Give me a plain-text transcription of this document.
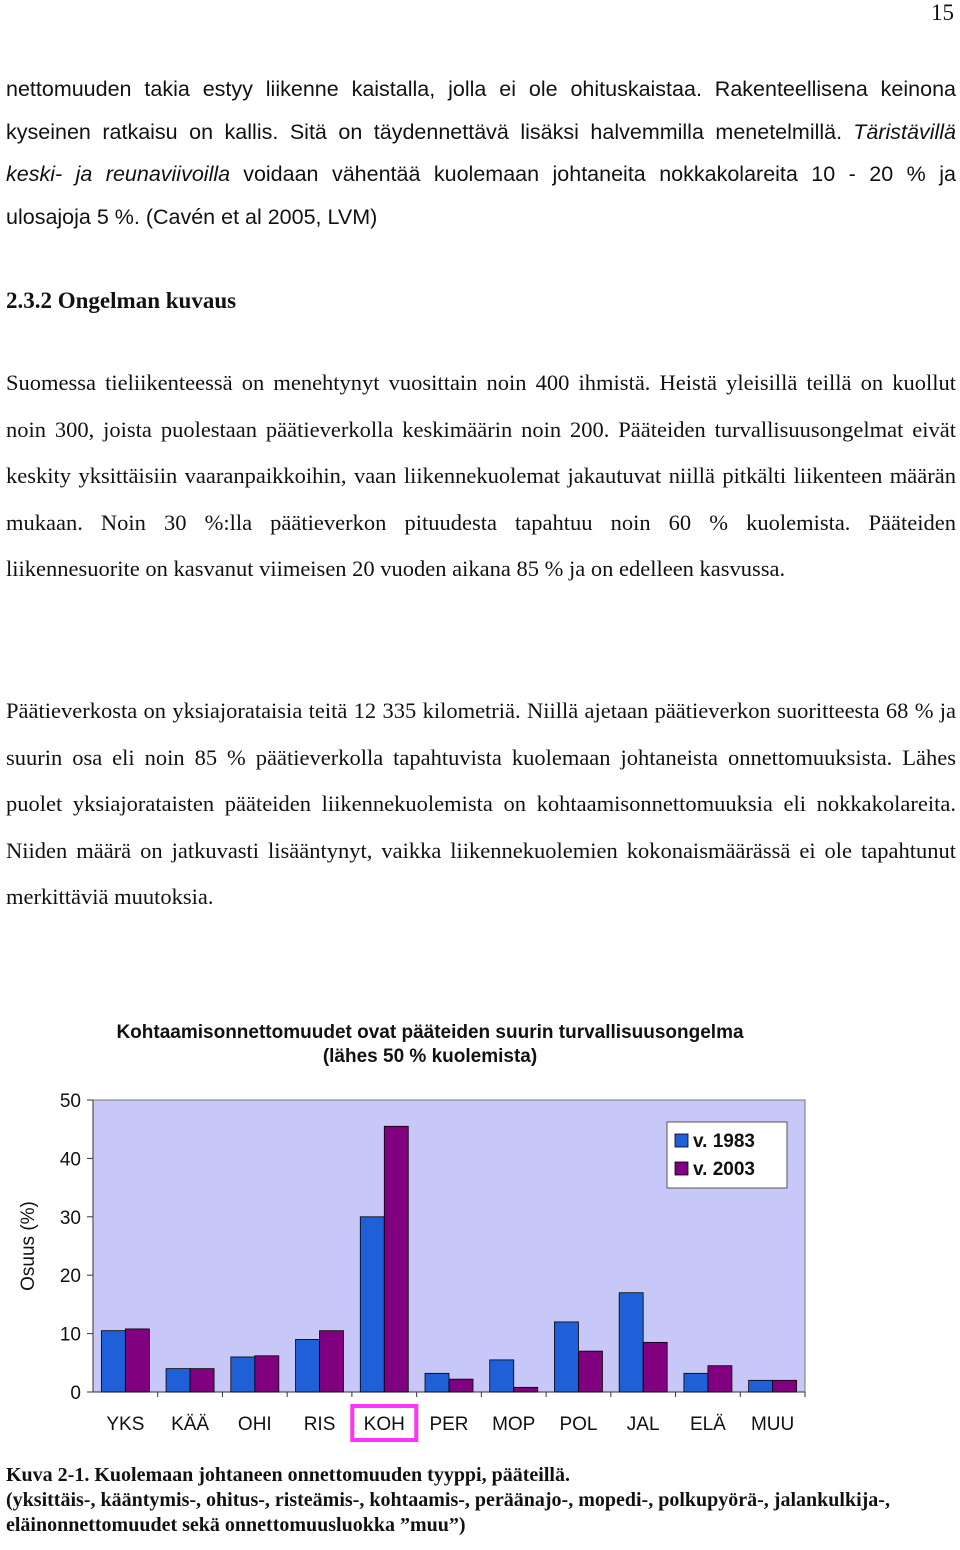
15

nettomuuden takia estyy liikenne kaistalla, jolla ei ole ohituskaistaa. Rakenteellisena keinona kyseinen ratkaisu on kallis. Sitä on täydennettävä lisäksi halvemmilla menetelmillä. Täristävillä keski- ja reunaviivoilla voidaan vähentää kuolemaan johtaneita nokkakolareita 10 - 20 % ja ulosajoja 5 %. (Cavén et al 2005, LVM)

2.3.2 Ongelman kuvaus

Suomessa tieliikenteessä on menehtynyt vuosittain noin 400 ihmistä. Heistä yleisillä teillä on kuollut noin 300, joista puolestaan päätieverkolla keskimäärin noin 200. Pääteiden turvallisuusongelmat eivät keskity yksittäisiin vaaranpaikkoihin, vaan liikennekuolemat jakautuvat niillä pitkälti liikenteen määrän mukaan. Noin 30 %:lla päätieverkon pituudesta tapahtuu noin 60 % kuolemista. Pääteiden liikennesuorite on kasvanut viimeisen 20 vuoden aikana 85 % ja on edelleen kasvussa.

Päätieverkosta on yksiajorataisia teitä 12 335 kilometriä. Niillä ajetaan päätieverkon suoritteesta 68 % ja suurin osa eli noin 85 % päätieverkolla tapahtuvista kuolemaan johtaneista onnettomuuksista. Lähes puolet yksiajorataisten pääteiden liikennekuolemista on kohtaamisonnettomuuksia eli nokkakolareita. Niiden määrä on jatkuvasti lisääntynyt, vaikka liikennekuolemien kokonaismäärässä ei ole tapahtunut merkittäviä muutoksia.

Kohtaamisonnettomuudet ovat pääteiden suurin turvallisuusongelma
(lähes 50 % kuolemista)
0
10
20
30
40
50
Osuus (%)
YKS KÄÄ OHI RIS KOH PER MOP POL JAL ELÄ MUU
v. 1983
v. 2003
Kuva 2-1. Kuolemaan johtaneen onnettomuuden tyyppi, pääteillä.
(yksittäis-, kääntymis-, ohitus-, risteämis-, kohtaamis-, peräänajo-, mopedi-, polkupyörä-, jalankulkija-, eläinonnettomuudet sekä onnettomuusluokka ”muu”)
